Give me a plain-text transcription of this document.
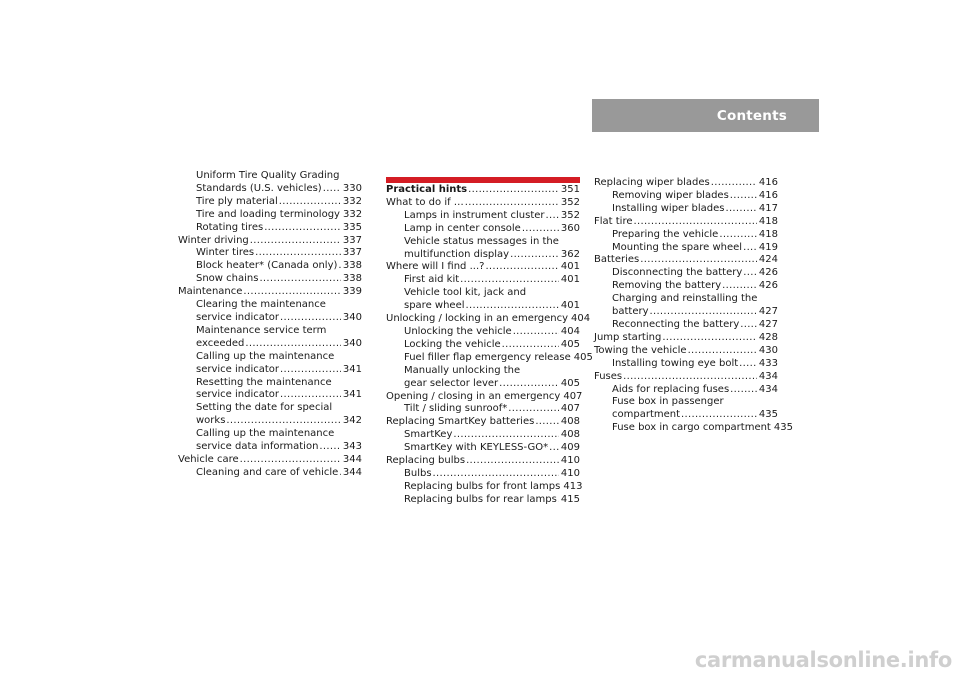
Contents
Uniform Tire Quality Grading
Standards (U.S. vehicles) ..... 330
Tire ply material .....	332
Tire and loading terminology 332
Rotating tires .....	335
Winter driving .....	337
Winter tires .....	337
Block heater* (Canada only) ..... 338
Snow chains .....	338
Maintenance .....	339
Clearing the maintenance
service indicator .....	340
Maintenance service term
exceeded .....	340
Calling up the maintenance
service indicator .....	341
Resetting the maintenance
service indicator .....	341
Setting the date for special
works .....	342
Calling up the maintenance
service data information ..... 343
Vehicle care .....	344
Cleaning and care of vehicle ..... 344
Practical hints .....	351
What to do if … .....	352
Lamps in instrument cluster ..... 352
Lamp in center console .....	360
Vehicle status messages in the
multifunction display .....	362
Where will I find ...? .....	401
First aid kit .....	401
Vehicle tool kit, jack and
spare wheel .....	401
Unlocking / locking in an emergency 404
Unlocking the vehicle .....	404
Locking the vehicle .....	405
Fuel filler flap emergency release 405
Manually unlocking the
gear selector lever .....	405
Opening / closing in an emergency 407
Tilt / sliding sunroof* .....	407
Replacing SmartKey batteries .....	408
SmartKey .....	408
SmartKey with KEYLESS-GO* ..... 409
Replacing bulbs .....	410
Bulbs .....	410
Replacing bulbs for front lamps 413
Replacing bulbs for rear lamps ..... 415
Replacing wiper blades .....	416
Removing wiper blades .....	416
Installing wiper blades .....	417
Flat tire .....	418
Preparing the vehicle .....	418
Mounting the spare wheel ..... 419
Batteries .....	424
Disconnecting the battery ..... 426
Removing the battery .....	426
Charging and reinstalling the
battery .....	427
Reconnecting the battery ..... 427
Jump starting .....	428
Towing the vehicle .....	430
Installing towing eye bolt ..... 433
Fuses .....	434
Aids for replacing fuses .....	434
Fuse box in passenger
compartment .....	435
Fuse box in cargo compartment 435
carmanualsonline.info
